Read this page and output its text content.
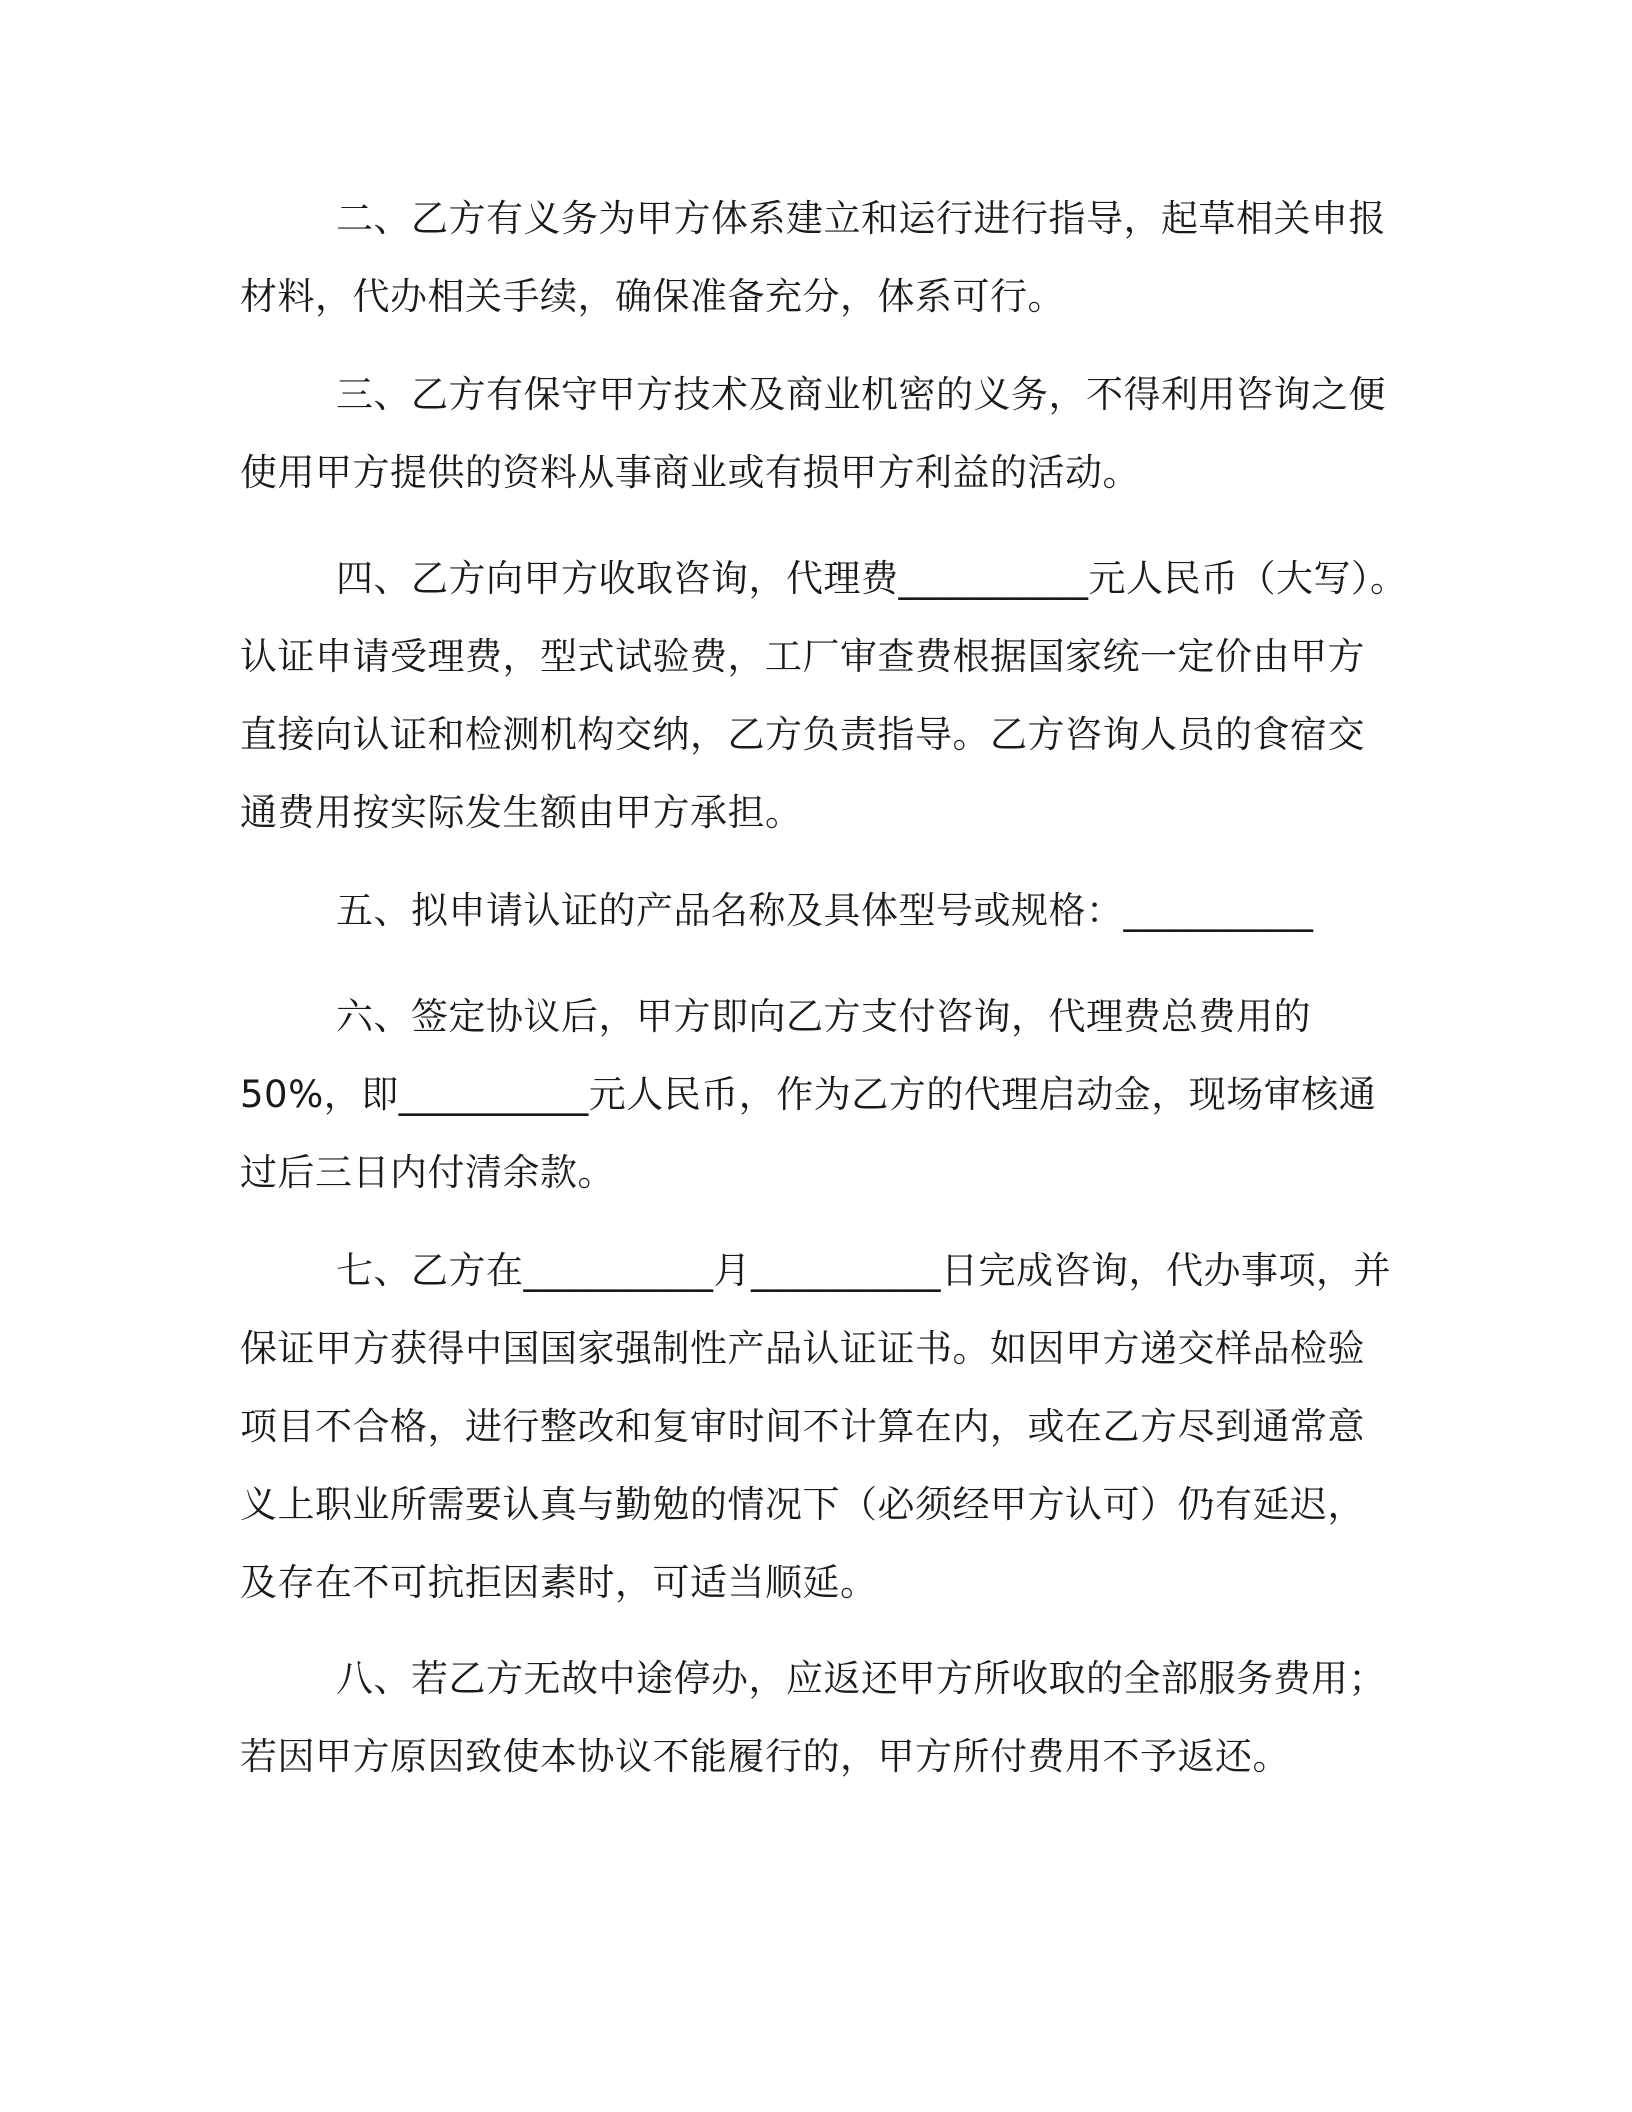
二、乙方有义务为甲方体系建立和运行进行指导，起草相关申报
材料，代办相关手续，确保准备充分，体系可行。

三、乙方有保守甲方技术及商业机密的义务，不得利用咨询之便
使用甲方提供的资料从事商业或有损甲方利益的活动。

四、乙方向甲方收取咨询，代理费__________元人民币（大写）。
认证申请受理费，型式试验费，工厂审查费根据国家统一定价由甲方
直接向认证和检测机构交纳，乙方负责指导。乙方咨询人员的食宿交
通费用按实际发生额由甲方承担。

五、拟申请认证的产品名称及具体型号或规格：__________

六、签定协议后，甲方即向乙方支付咨询，代理费总费用的
50%，即__________元人民币，作为乙方的代理启动金，现场审核通
过后三日内付清余款。

七、乙方在__________月__________日完成咨询，代办事项，并
保证甲方获得中国国家强制性产品认证证书。如因甲方递交样品检验
项目不合格，进行整改和复审时间不计算在内，或在乙方尽到通常意
义上职业所需要认真与勤勉的情况下（必须经甲方认可）仍有延迟，
及存在不可抗拒因素时，可适当顺延。

八、若乙方无故中途停办，应返还甲方所收取的全部服务费用；
若因甲方原因致使本协议不能履行的，甲方所付费用不予返还。
